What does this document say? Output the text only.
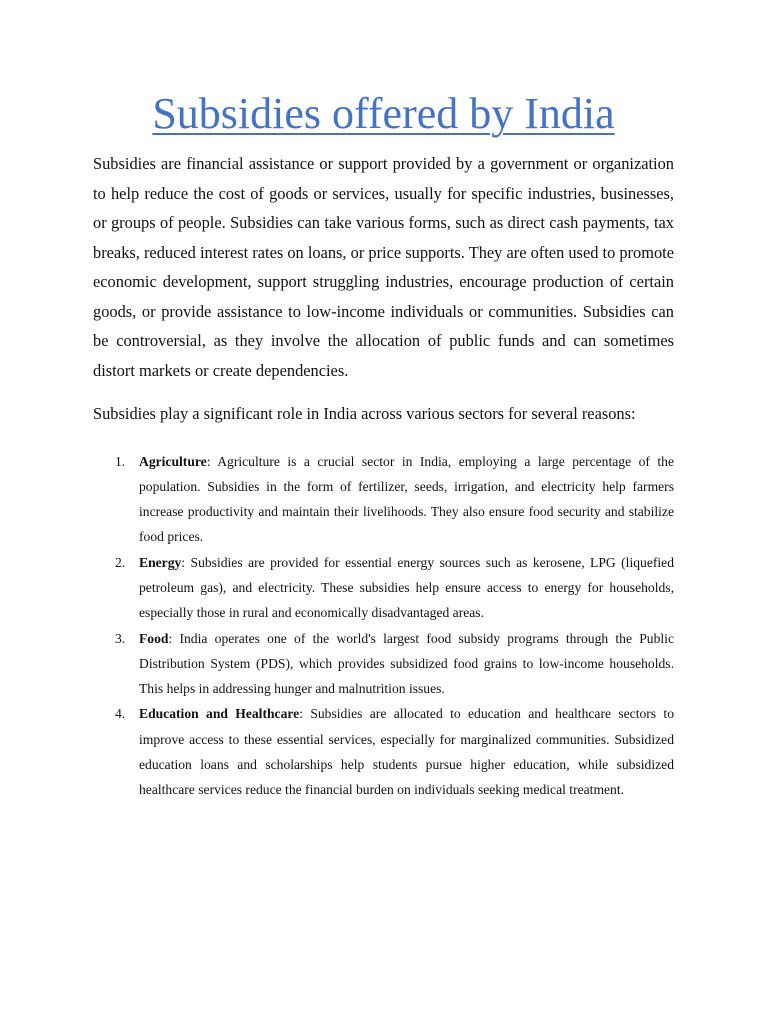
Subsidies offered by India

Subsidies are financial assistance or support provided by a government or organization to help reduce the cost of goods or services, usually for specific industries, businesses, or groups of people. Subsidies can take various forms, such as direct cash payments, tax breaks, reduced interest rates on loans, or price supports. They are often used to promote economic development, support struggling industries, encourage production of certain goods, or provide assistance to low-income individuals or communities. Subsidies can be controversial, as they involve the allocation of public funds and can sometimes distort markets or create dependencies.

Subsidies play a significant role in India across various sectors for several reasons:

1. Agriculture: Agriculture is a crucial sector in India, employing a large percentage of the population. Subsidies in the form of fertilizer, seeds, irrigation, and electricity help farmers increase productivity and maintain their livelihoods. They also ensure food security and stabilize food prices.
2. Energy: Subsidies are provided for essential energy sources such as kerosene, LPG (liquefied petroleum gas), and electricity. These subsidies help ensure access to energy for households, especially those in rural and economically disadvantaged areas.
3. Food: India operates one of the world's largest food subsidy programs through the Public Distribution System (PDS), which provides subsidized food grains to low-income households. This helps in addressing hunger and malnutrition issues.
4. Education and Healthcare: Subsidies are allocated to education and healthcare sectors to improve access to these essential services, especially for marginalized communities. Subsidized education loans and scholarships help students pursue higher education, while subsidized healthcare services reduce the financial burden on individuals seeking medical treatment.
